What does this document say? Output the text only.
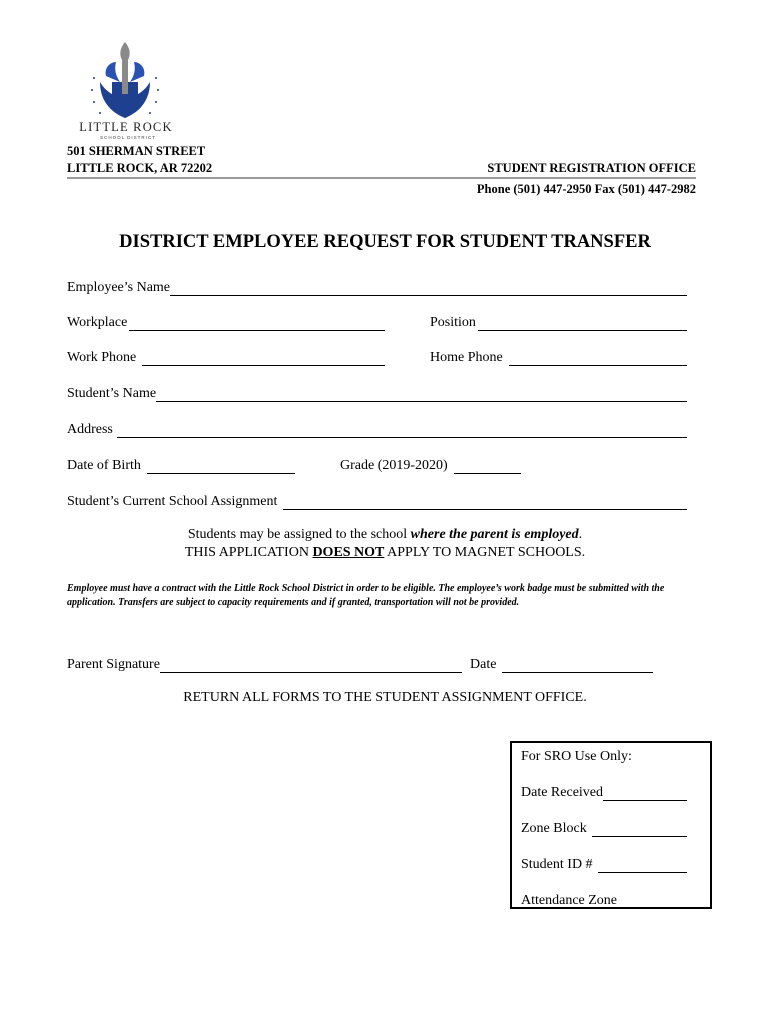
LITTLE ROCK
SCHOOL DISTRICT
501 SHERMAN STREET
LITTLE ROCK, AR 72202	STUDENT REGISTRATION OFFICE
Phone (501) 447-2950 Fax (501) 447-2982
DISTRICT EMPLOYEE REQUEST FOR STUDENT TRANSFER
Employee’s Name
Workplace	Position
Work Phone	Home Phone
Student’s Name
Address
Date of Birth	Grade (2019-2020)
Student’s Current School Assignment
Students may be assigned to the school where the parent is employed.
THIS APPLICATION DOES NOT APPLY TO MAGNET SCHOOLS.
Employee must have a contract with the Little Rock School District in order to be eligible. The employee’s work badge must be submitted with the application. Transfers are subject to capacity requirements and if granted, transportation will not be provided.
Parent Signature	Date
RETURN ALL FORMS TO THE STUDENT ASSIGNMENT OFFICE.
For SRO Use Only:
Date Received
Zone Block
Student ID #
Attendance Zone
